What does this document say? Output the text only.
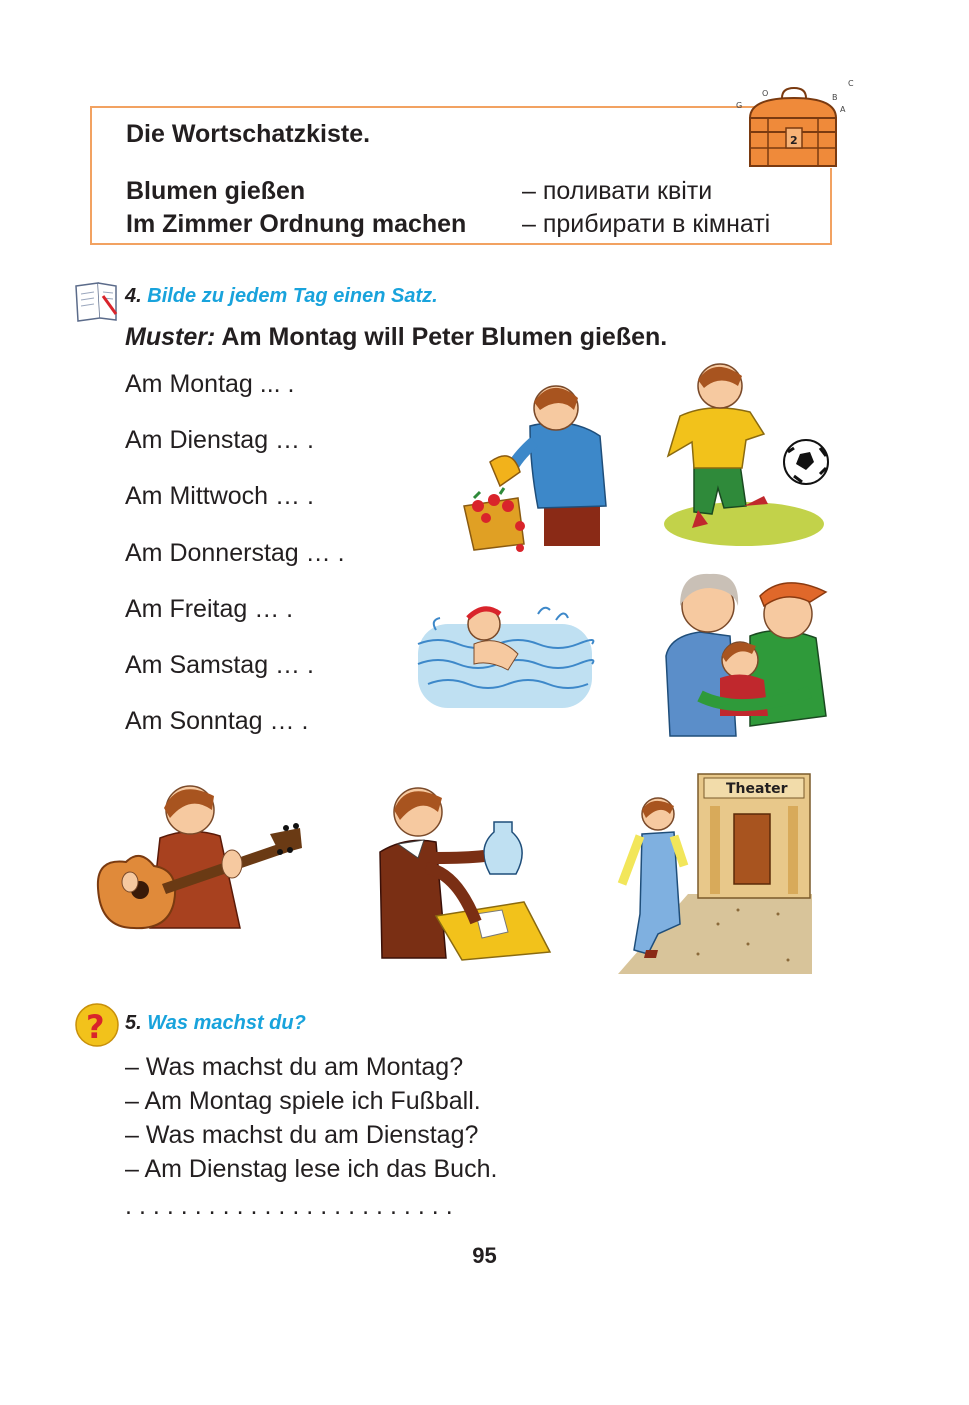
Die Wortschatzkiste.
Blumen gießen	– поливати квіти
Im Zimmer Ordnung machen – прибирати в кімнаті
G
O	B
A
C
2
4. Bilde zu jedem Tag einen Satz.
Muster: Am Montag will Peter Blumen gießen.
Am Montag ... .
Am Dienstag … .
Am Mittwoch … .
Am Donnerstag … .
Am Freitag … .
Am Samstag … .
Am Sonntag … .
Theater
? 5. Was machst du?
– Was machst du am Montag?
– Am Montag spiele ich Fußball.
– Was machst du am Dienstag?
– Am Dienstag lese ich das Buch.
........................
95
